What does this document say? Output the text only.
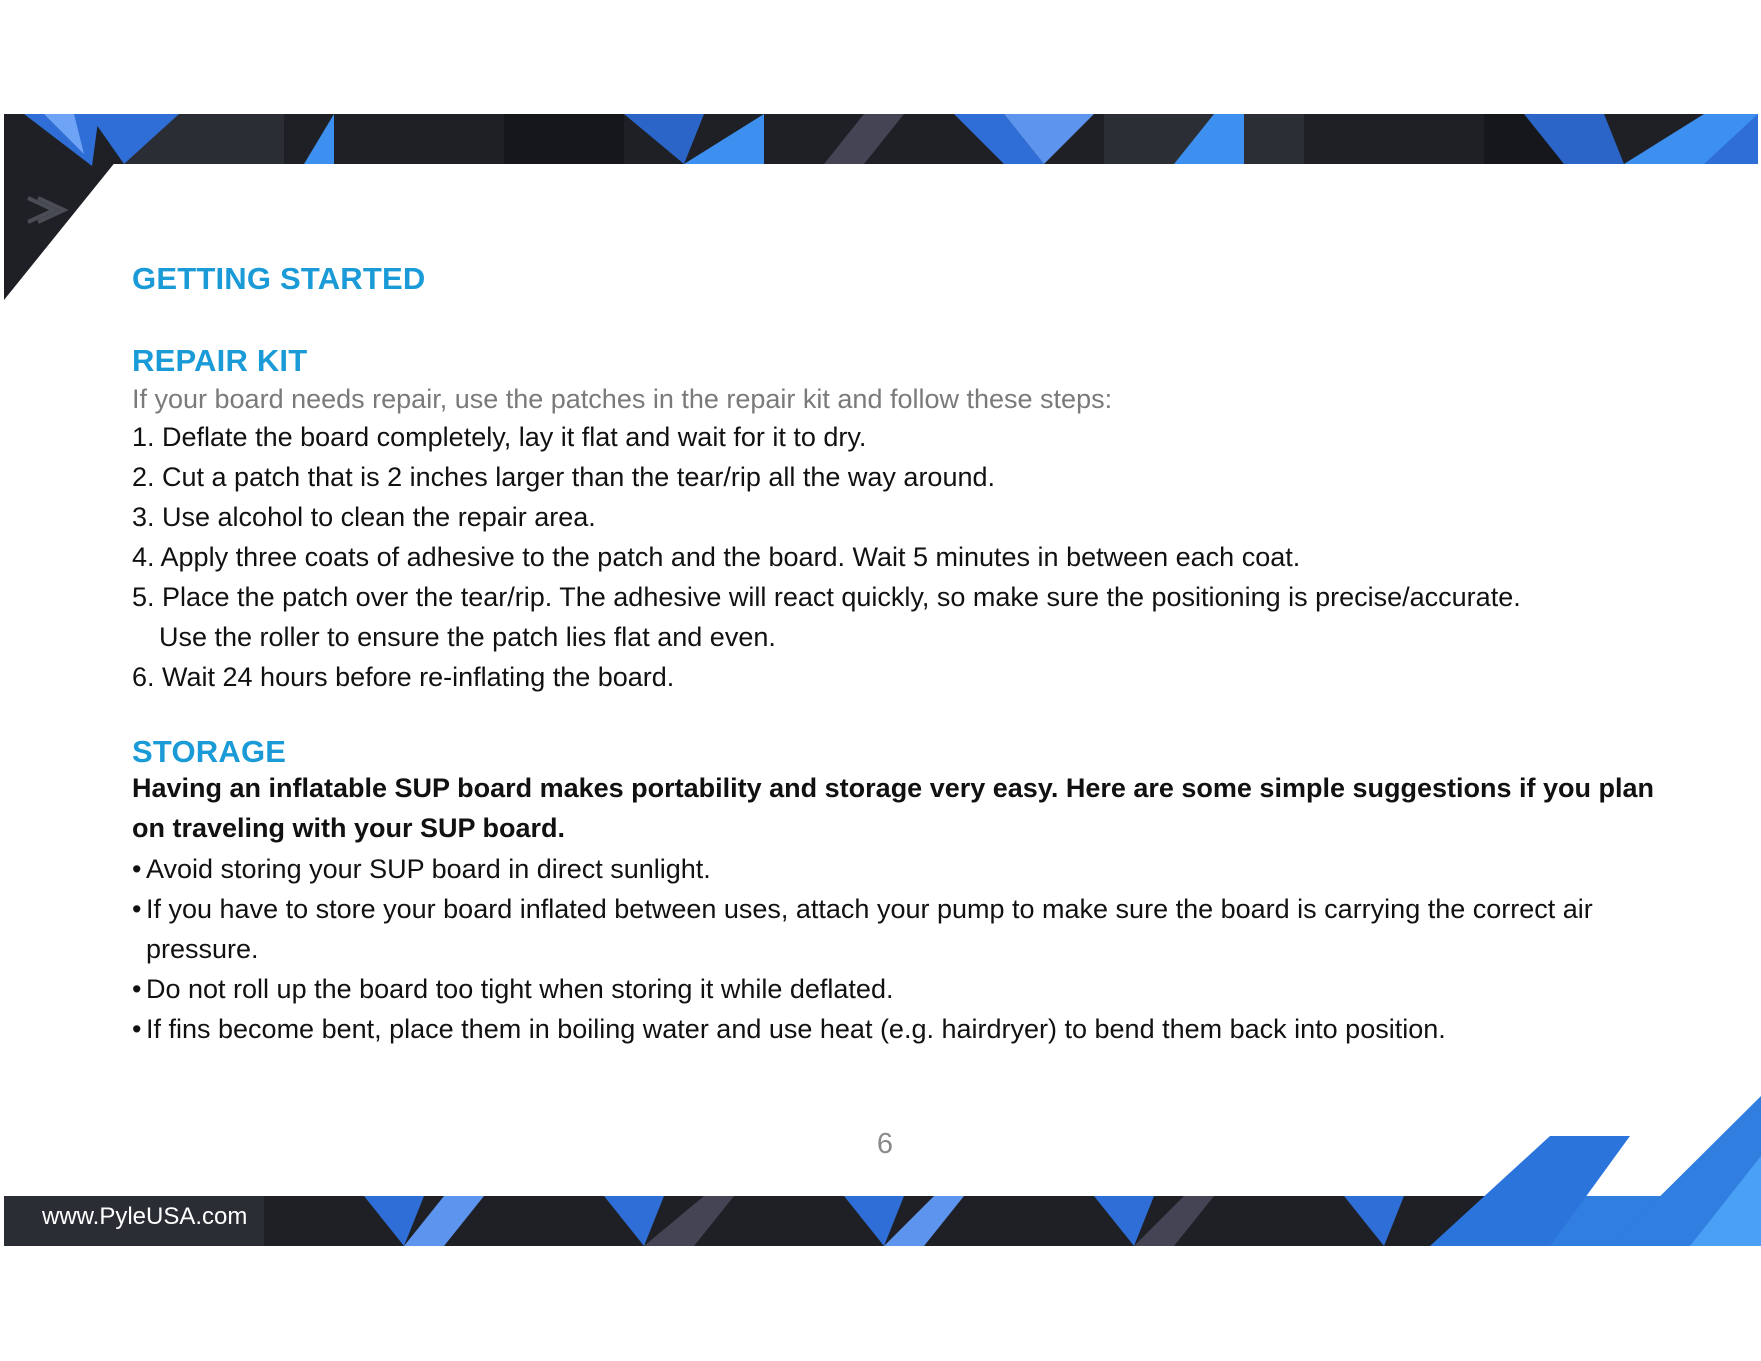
GETTING STARTED
REPAIR KIT
If your board needs repair, use the patches in the repair kit and follow these steps:
1. Deflate the board completely, lay it flat and wait for it to dry.
2. Cut a patch that is 2 inches larger than the tear/rip all the way around.
3. Use alcohol to clean the repair area.
4. Apply three coats of adhesive to the patch and the board. Wait 5 minutes in between each coat.
5. Place the patch over the tear/rip. The adhesive will react quickly, so make sure the positioning is precise/accurate.
Use the roller to ensure the patch lies flat and even.
6. Wait 24 hours before re-inflating the board.
STORAGE
Having an inflatable SUP board makes portability and storage very easy. Here are some simple suggestions if you plan on traveling with your SUP board.
• Avoid storing your SUP board in direct sunlight.
• If you have to store your board inflated between uses, attach your pump to make sure the board is carrying the correct air pressure.
• Do not roll up the board too tight when storing it while deflated.
• If fins become bent, place them in boiling water and use heat (e.g. hairdryer) to bend them back into position.
6
www.PyleUSA.com
